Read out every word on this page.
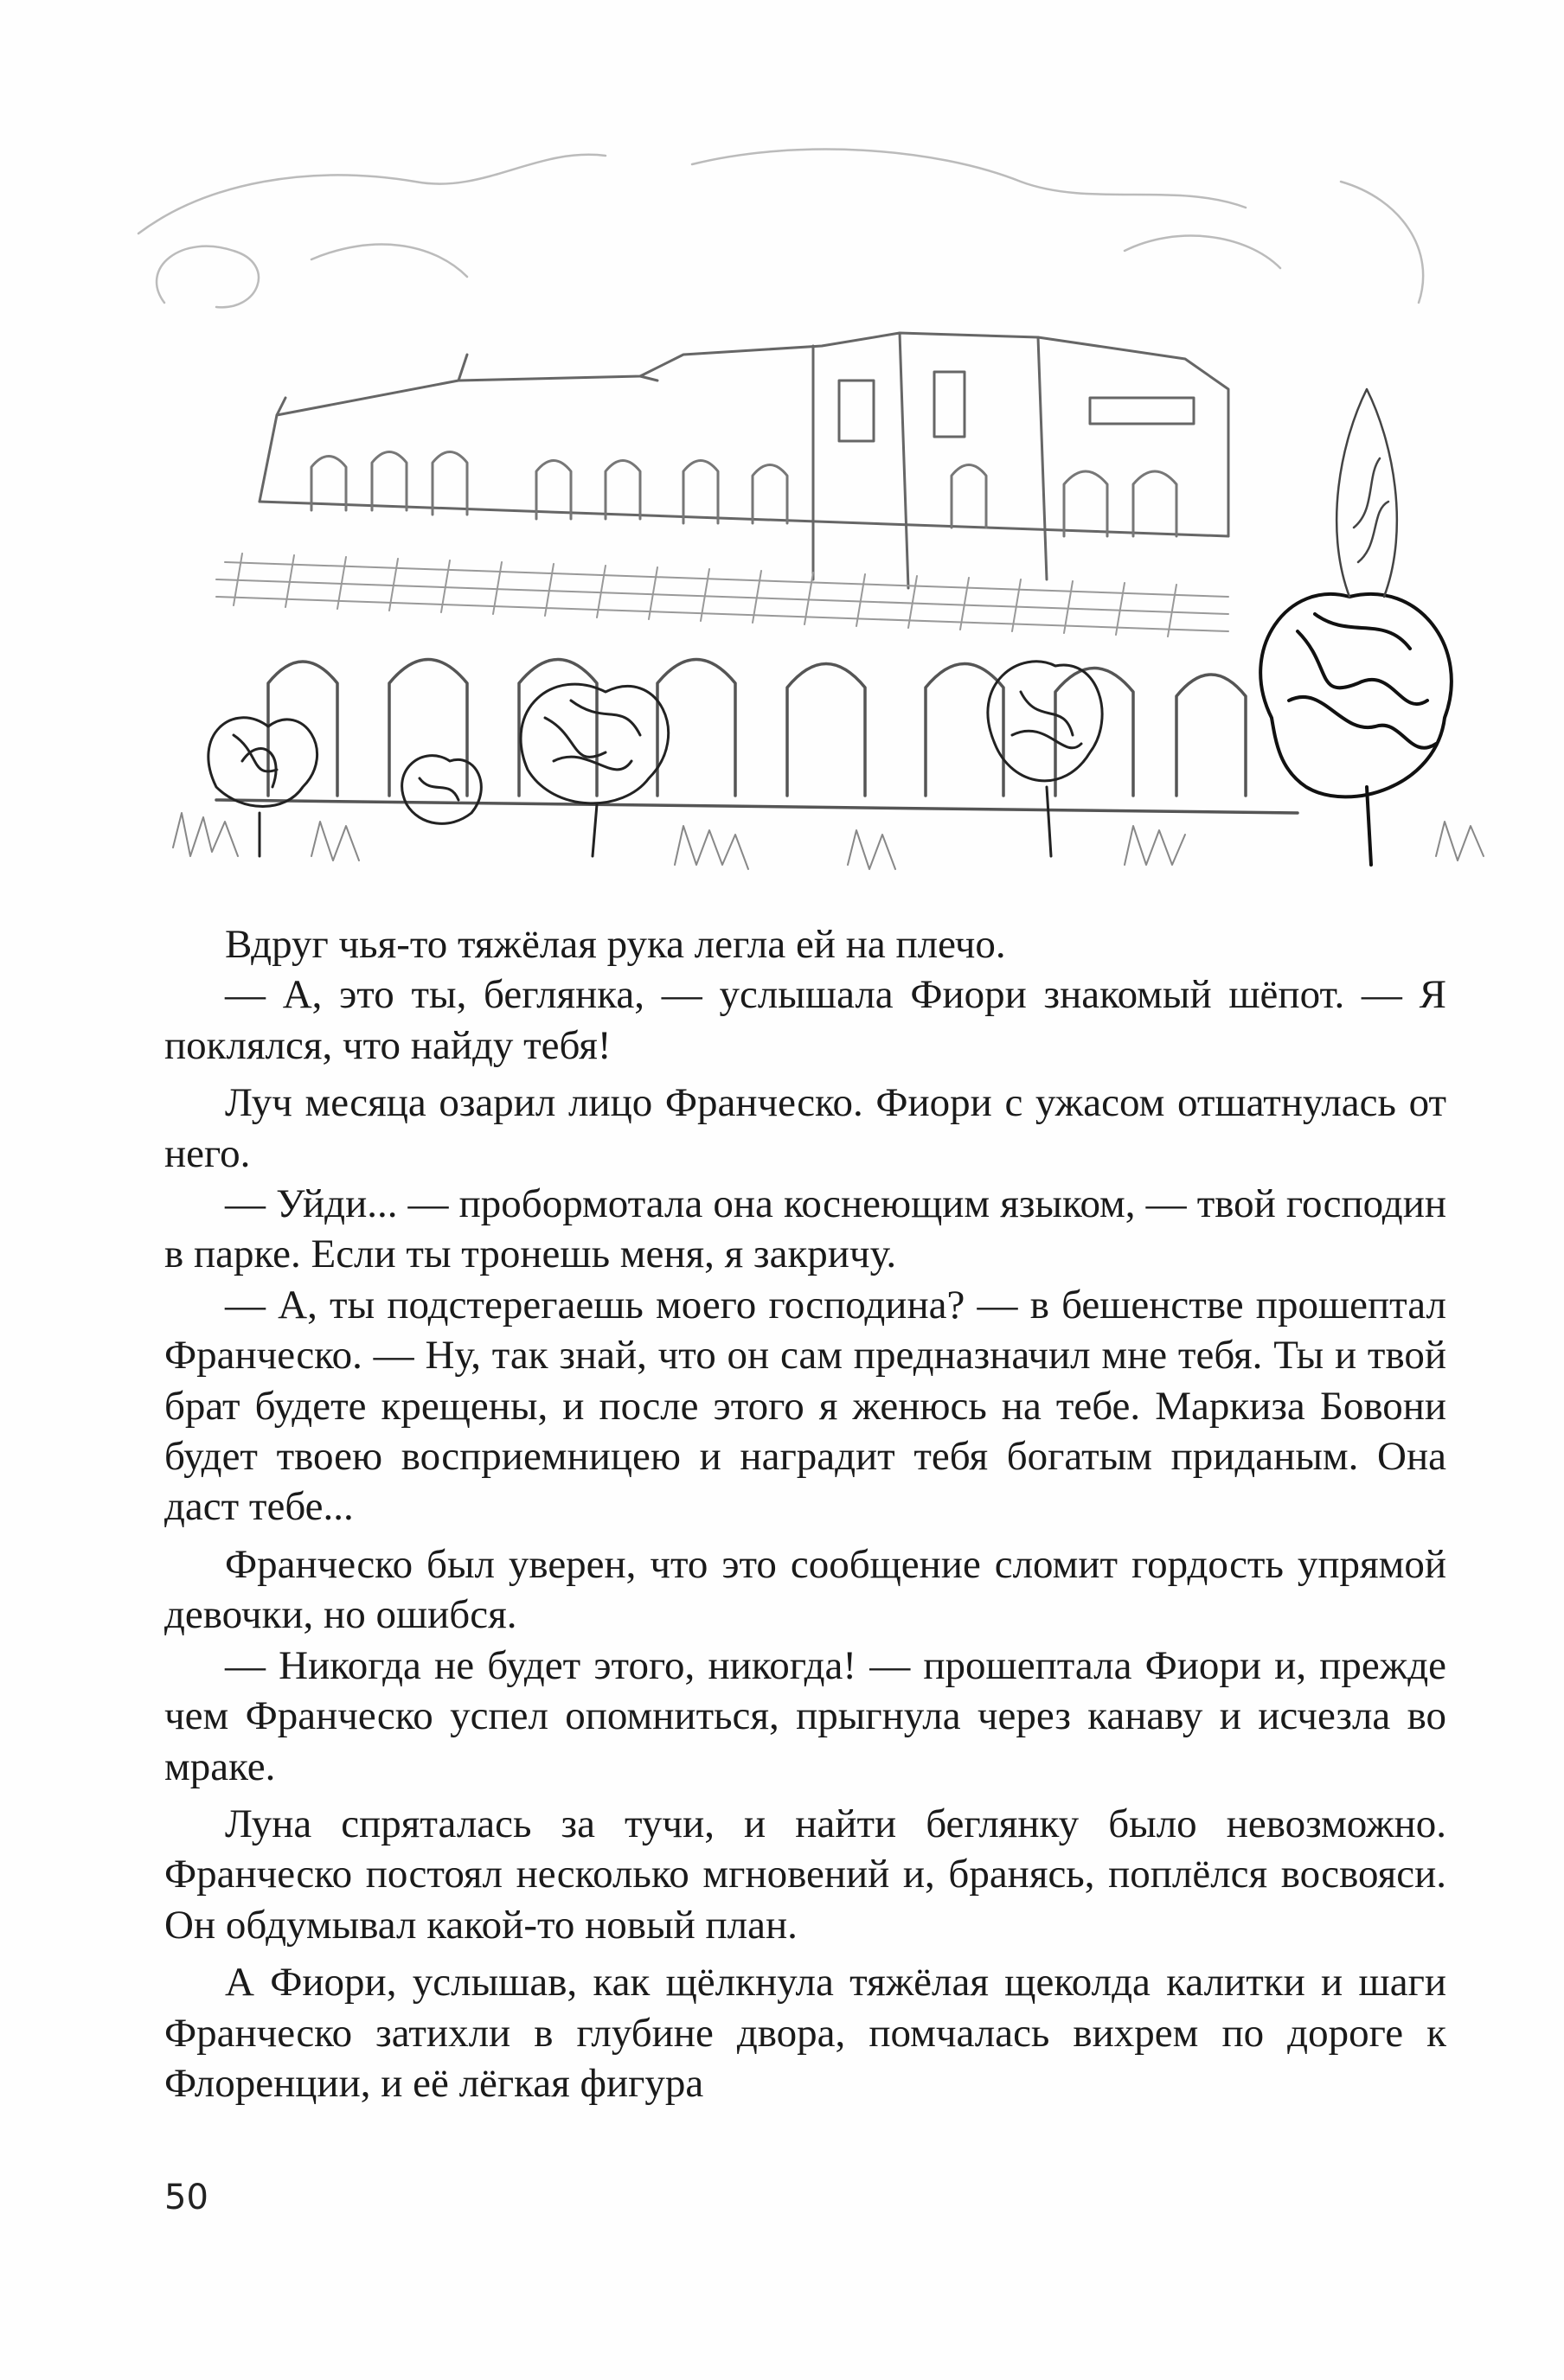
Вдруг чья-то тяжёлая рука легла ей на плечо.

— А, это ты, беглянка, — услышала Фиори знакомый шёпот. — Я поклялся, что найду тебя!

Луч месяца озарил лицо Франческо. Фиори с ужасом отшатнулась от него.

— Уйди... — пробормотала она коснеющим языком, — твой господин в парке. Если ты тронешь меня, я закричу.

— А, ты подстерегаешь моего господина? — в бешенстве прошептал Франческо. — Ну, так знай, что он сам предназначил мне тебя. Ты и твой брат будете крещены, и после этого я женюсь на тебе. Маркиза Бовони будет твоею восприемницею и наградит тебя богатым приданым. Она даст тебе...

Франческо был уверен, что это сообщение сломит гордость упрямой девочки, но ошибся.

— Никогда не будет этого, никогда! — прошептала Фиори и, прежде чем Франческо успел опомниться, прыгнула через канаву и исчезла во мраке.

Луна спряталась за тучи, и найти беглянку было невозможно. Франческо постоял несколько мгновений и, бранясь, поплёлся восвояси. Он обдумывал какой-то новый план.

А Фиори, услышав, как щёлкнула тяжёлая щеколда калитки и шаги Франческо затихли в глубине двора, помчалась вихрем по дороге к Флоренции, и её лёгкая фигура

50
